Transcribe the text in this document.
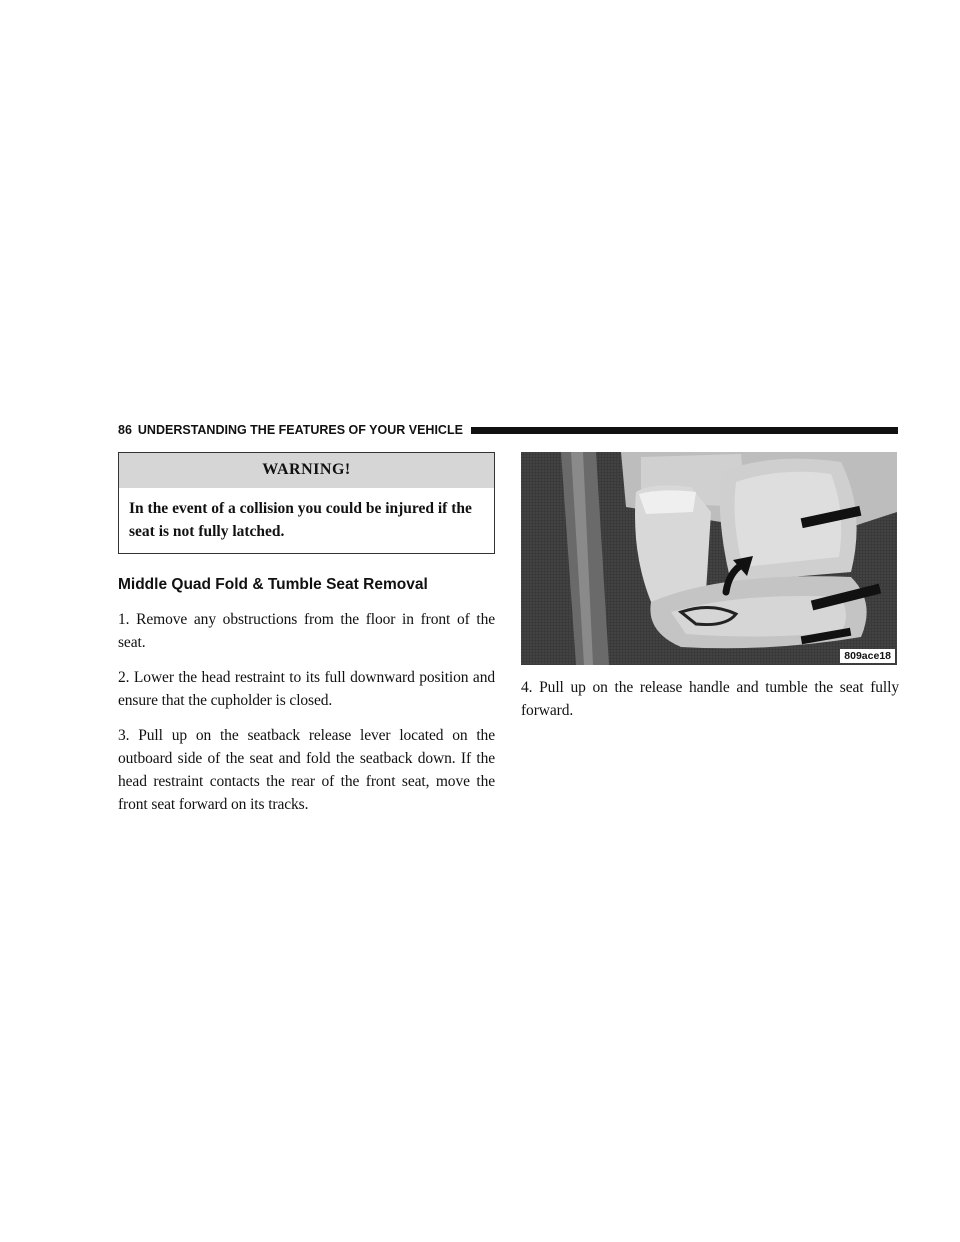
86 UNDERSTANDING THE FEATURES OF YOUR VEHICLE
WARNING!
In the event of a collision you could be injured if the seat is not fully latched.
Middle Quad Fold & Tumble Seat Removal

1. Remove any obstructions from the floor in front of the seat.

2. Lower the head restraint to its full downward position and ensure that the cupholder is closed.

3. Pull up on the seatback release lever located on the outboard side of the seat and fold the seatback down. If the head restraint contacts the rear of the front seat, move the front seat forward on its tracks.

809ace18

4. Pull up on the release handle and tumble the seat fully forward.
